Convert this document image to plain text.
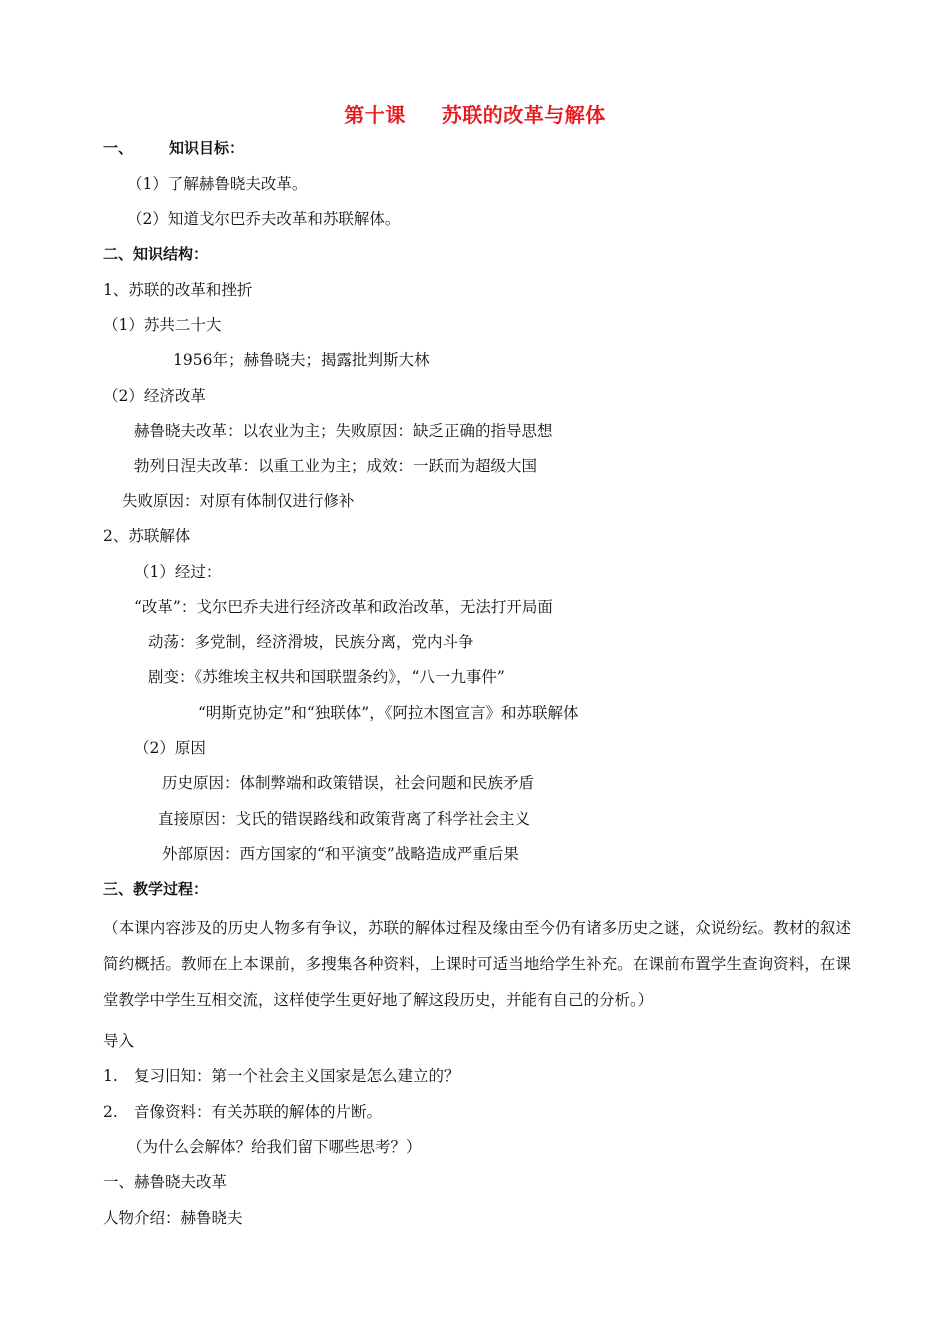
第十课 苏联的改革与解体
一、 知识目标：
（1）了解赫鲁晓夫改革。
（2）知道戈尔巴乔夫改革和苏联解体。
二、知识结构：
1、苏联的改革和挫折
（1）苏共二十大
1956年；赫鲁晓夫；揭露批判斯大林
（2）经济改革
赫鲁晓夫改革：以农业为主；失败原因：缺乏正确的指导思想
勃列日涅夫改革：以重工业为主；成效：一跃而为超级大国
失败原因：对原有体制仅进行修补
2、苏联解体
（1）经过：
“改革”：戈尔巴乔夫进行经济改革和政治改革，无法打开局面
动荡：多党制，经济滑坡，民族分离，党内斗争
剧变：《苏维埃主权共和国联盟条约》，“八一九事件”
“明斯克协定”和“独联体”，《阿拉木图宣言》和苏联解体
（2）原因
历史原因：体制弊端和政策错误，社会问题和民族矛盾
直接原因：戈氏的错误路线和政策背离了科学社会主义
外部原因：西方国家的“和平演变”战略造成严重后果
三、教学过程：
（本课内容涉及的历史人物多有争议，苏联的解体过程及缘由至今仍有诸多历史之谜，众说纷纭。教材的叙述简约概括。教师在上本课前，多搜集各种资料，上课时可适当地给学生补充。在课前布置学生查询资料，在课堂教学中学生互相交流，这样使学生更好地了解这段历史，并能有自己的分析。）
导入
1. 复习旧知：第一个社会主义国家是怎么建立的？
2. 音像资料：有关苏联的解体的片断。
（为什么会解体？给我们留下哪些思考？）
一、赫鲁晓夫改革
人物介绍：赫鲁晓夫
